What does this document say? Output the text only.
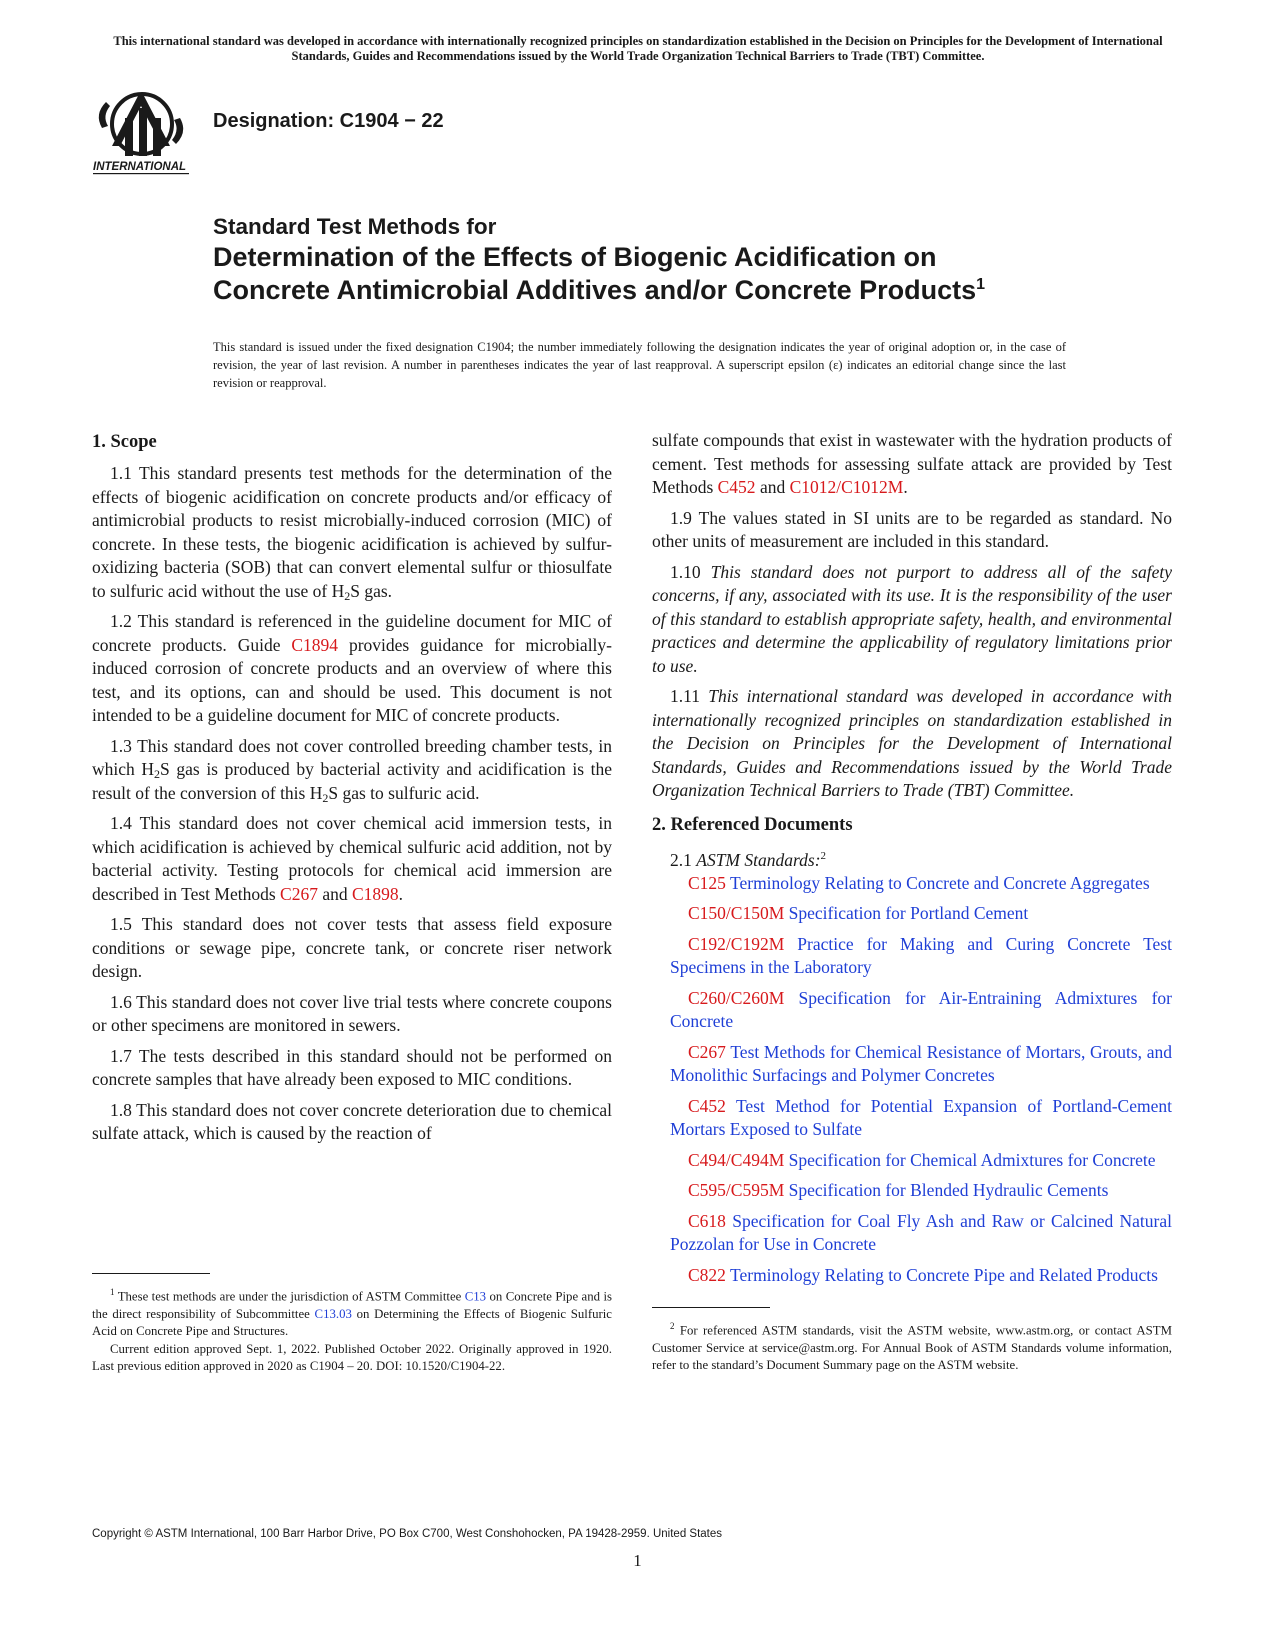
This international standard was developed in accordance with internationally recognized principles on standardization established in the Decision on Principles for the Development of International Standards, Guides and Recommendations issued by the World Trade Organization Technical Barriers to Trade (TBT) Committee.
INTERNATIONAL
Designation: C1904 − 22
Standard Test Methods for
Determination of the Effects of Biogenic Acidification on
Concrete Antimicrobial Additives and/or Concrete Products$^1$
This standard is issued under the fixed designation C1904; the number immediately following the designation indicates the year of original adoption or, in the case of revision, the year of last revision. A number in parentheses indicates the year of last reapproval. A superscript epsilon (ε) indicates an editorial change since the last revision or reapproval.
1. Scope

1.1 This standard presents test methods for the determination of the effects of biogenic acidification on concrete products and/or efficacy of antimicrobial products to resist microbially-induced corrosion (MIC) of concrete. In these tests, the biogenic acidification is achieved by sulfur-oxidizing bacteria (SOB) that can convert elemental sulfur or thiosulfate to sulfuric acid without the use of $H_2S$ gas.

1.2 This standard is referenced in the guideline document for MIC of concrete products. Guide C1894 provides guidance for microbially-induced corrosion of concrete products and an overview of where this test, and its options, can and should be used. This document is not intended to be a guideline document for MIC of concrete products.

1.3 This standard does not cover controlled breeding chamber tests, in which $H_2S$ gas is produced by bacterial activity and acidification is the result of the conversion of this $H_2S$ gas to sulfuric acid.

1.4 This standard does not cover chemical acid immersion tests, in which acidification is achieved by chemical sulfuric acid addition, not by bacterial activity. Testing protocols for chemical acid immersion are described in Test Methods C267 and C1898.

1.5 This standard does not cover tests that assess field exposure conditions or sewage pipe, concrete tank, or concrete riser network design.

1.6 This standard does not cover live trial tests where concrete coupons or other specimens are monitored in sewers.

1.7 The tests described in this standard should not be performed on concrete samples that have already been exposed to MIC conditions.

1.8 This standard does not cover concrete deterioration due to chemical sulfate attack, which is caused by the reaction of

$^1$ These test methods are under the jurisdiction of ASTM Committee C13 on Concrete Pipe and is the direct responsibility of Subcommittee C13.03 on Determining the Effects of Biogenic Sulfuric Acid on Concrete Pipe and Structures.

Current edition approved Sept. 1, 2022. Published October 2022. Originally approved in 1920. Last previous edition approved in 2020 as C1904 – 20. DOI: 10.1520/C1904-22.

sulfate compounds that exist in wastewater with the hydration products of cement. Test methods for assessing sulfate attack are provided by Test Methods C452 and C1012/C1012M.

1.9 The values stated in SI units are to be regarded as standard. No other units of measurement are included in this standard.

1.10 This standard does not purport to address all of the safety concerns, if any, associated with its use. It is the responsibility of the user of this standard to establish appropriate safety, health, and environmental practices and determine the applicability of regulatory limitations prior to use.

1.11 This international standard was developed in accordance with internationally recognized principles on standardization established in the Decision on Principles for the Development of International Standards, Guides and Recommendations issued by the World Trade Organization Technical Barriers to Trade (TBT) Committee.

2. Referenced Documents

2.1 ASTM Standards:$^2$

C125 Terminology Relating to Concrete and Concrete Aggregates

C150/C150M Specification for Portland Cement

C192/C192M Practice for Making and Curing Concrete Test Specimens in the Laboratory

C260/C260M Specification for Air-Entraining Admixtures for Concrete

C267 Test Methods for Chemical Resistance of Mortars, Grouts, and Monolithic Surfacings and Polymer Concretes

C452 Test Method for Potential Expansion of Portland-Cement Mortars Exposed to Sulfate

C494/C494M Specification for Chemical Admixtures for Concrete

C595/C595M Specification for Blended Hydraulic Cements

C618 Specification for Coal Fly Ash and Raw or Calcined Natural Pozzolan for Use in Concrete

C822 Terminology Relating to Concrete Pipe and Related Products

$^2$ For referenced ASTM standards, visit the ASTM website, www.astm.org, or contact ASTM Customer Service at service@astm.org. For Annual Book of ASTM Standards volume information, refer to the standard’s Document Summary page on the ASTM website.

Copyright © ASTM International, 100 Barr Harbor Drive, PO Box C700, West Conshohocken, PA 19428-2959. United States
1
